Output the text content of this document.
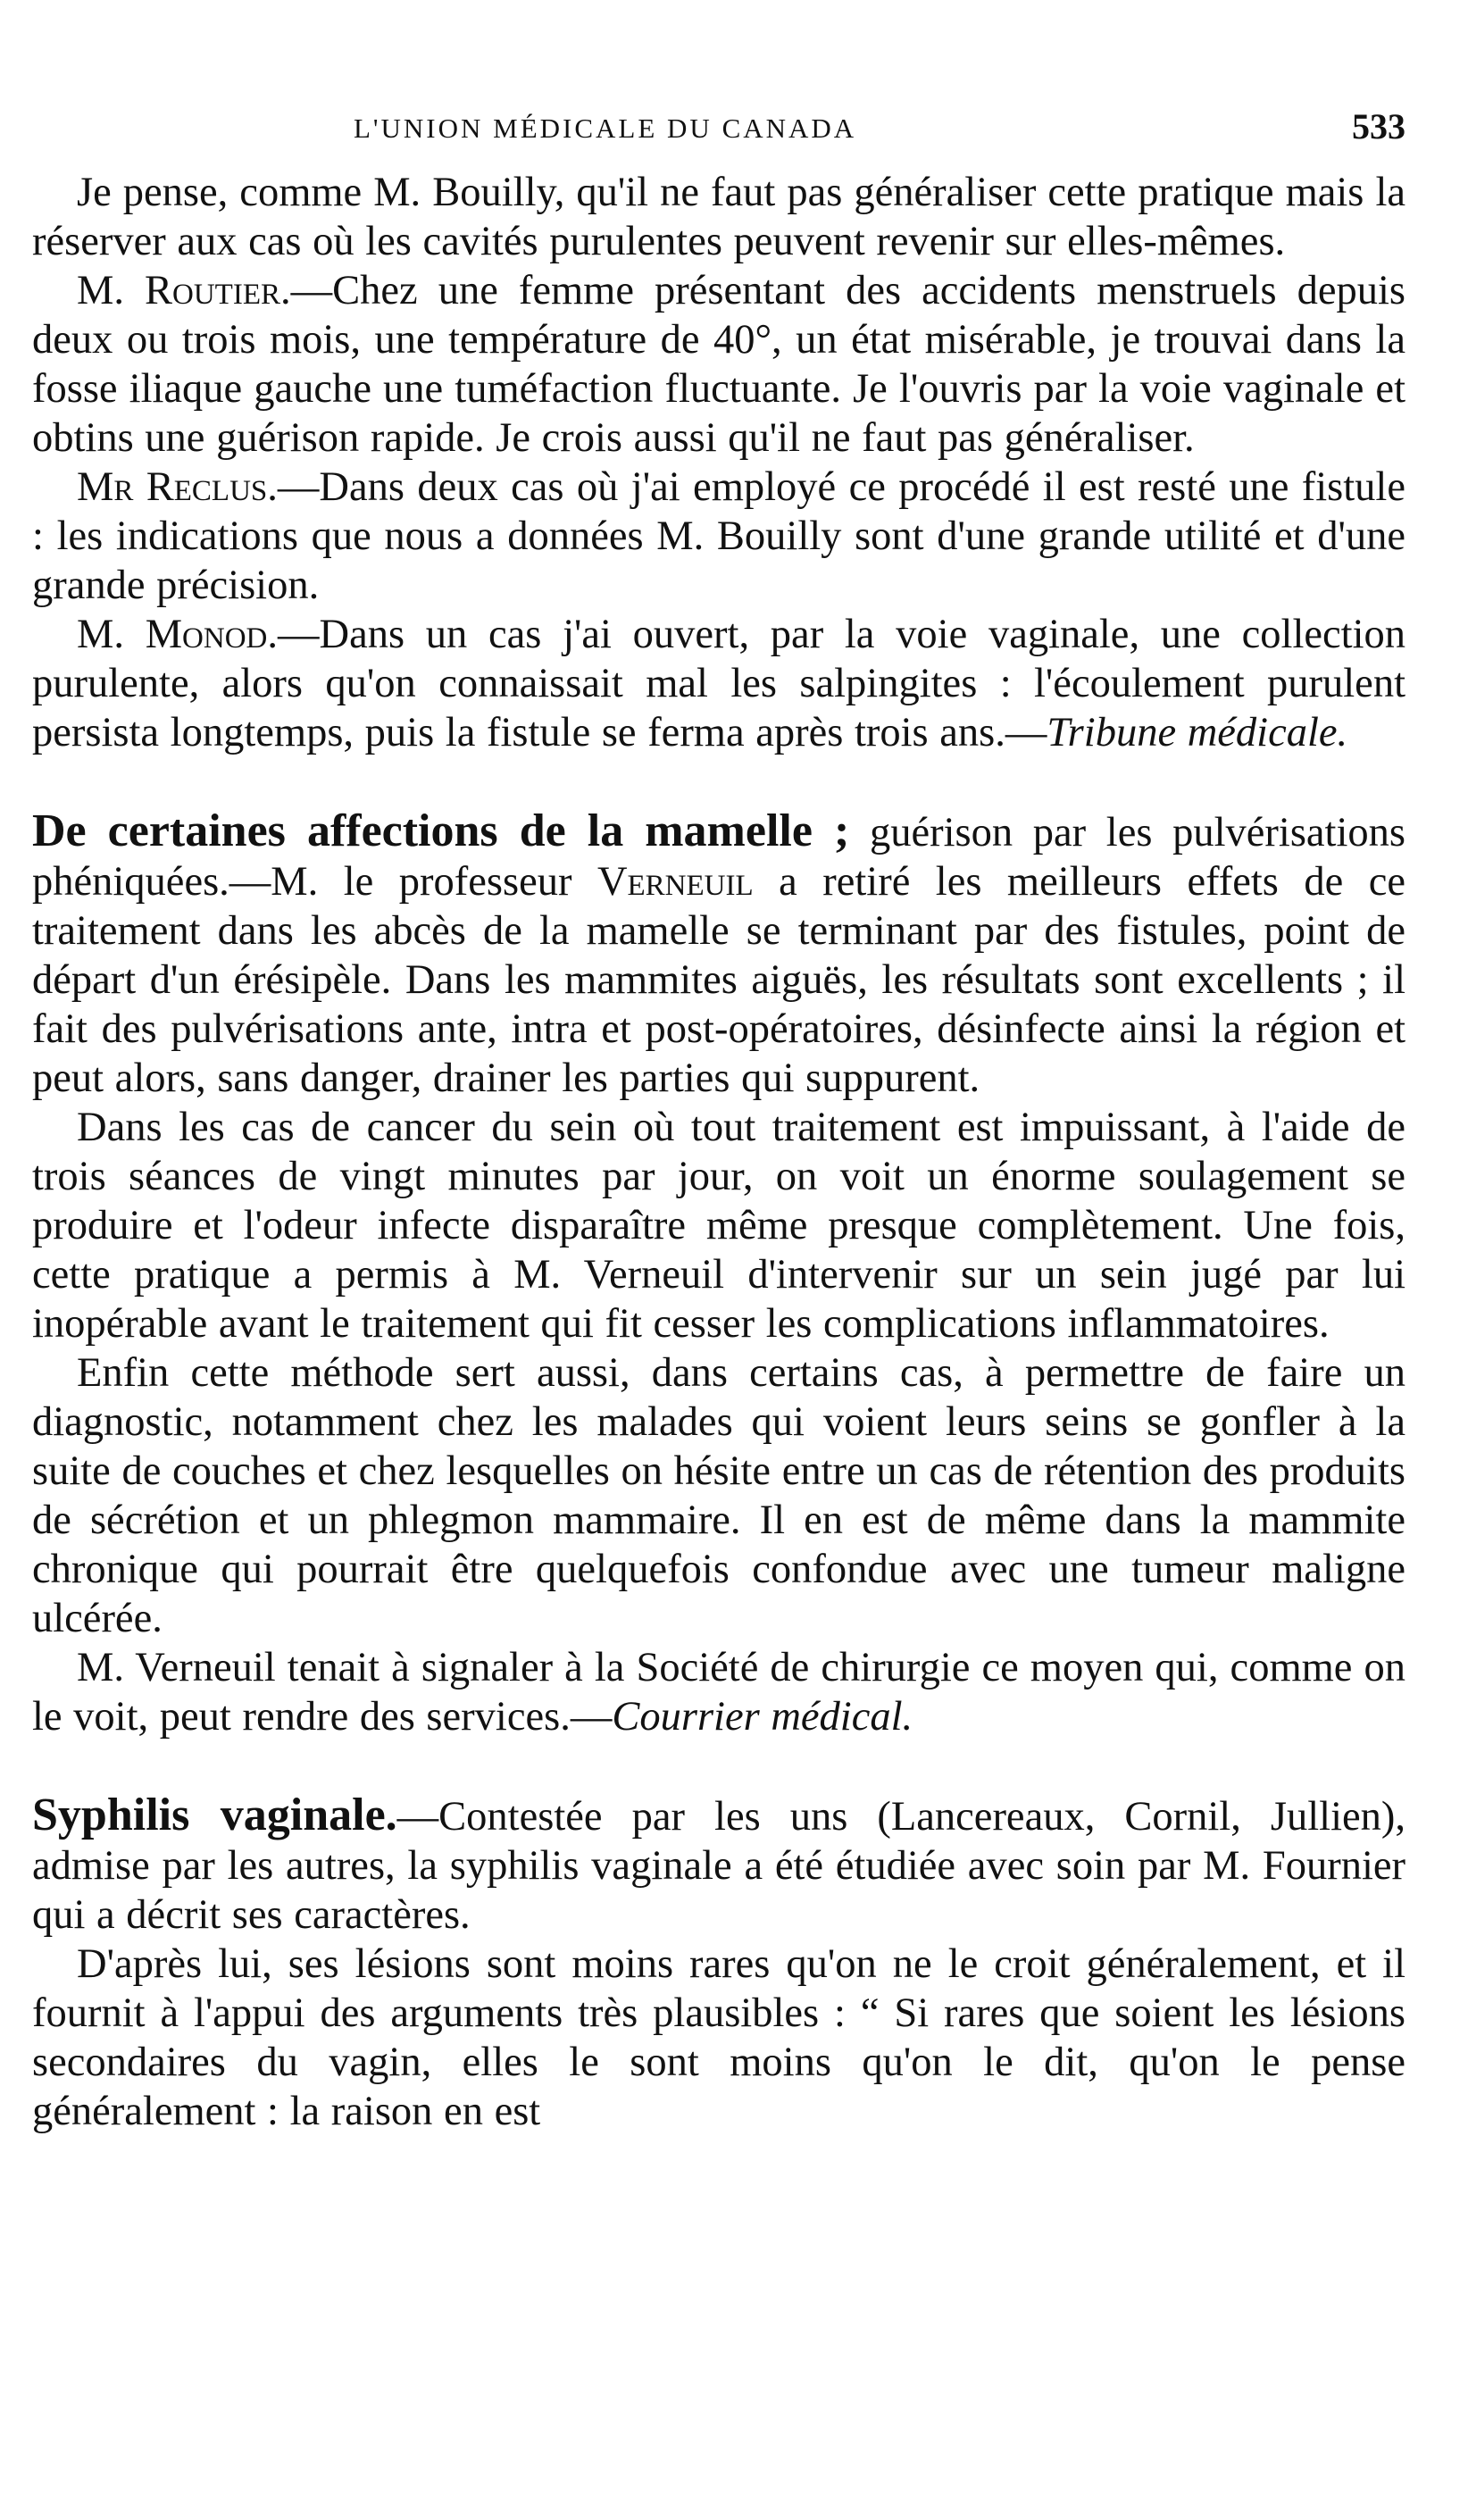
L'UNION MÉDICALE DU CANADA	533

Je pense, comme M. Bouilly, qu'il ne faut pas généraliser cette pratique mais la réserver aux cas où les cavités purulentes peuvent revenir sur elles-mêmes.

M. Routier.—Chez une femme présentant des accidents menstruels depuis deux ou trois mois, une température de 40°, un état misérable, je trouvai dans la fosse iliaque gauche une tuméfaction fluctuante. Je l'ouvris par la voie vaginale et obtins une guérison rapide. Je crois aussi qu'il ne faut pas généraliser.

Mr Reclus.—Dans deux cas où j'ai employé ce procédé il est resté une fistule : les indications que nous a données M. Bouilly sont d'une grande utilité et d'une grande précision.

M. Monod.—Dans un cas j'ai ouvert, par la voie vaginale, une collection purulente, alors qu'on connaissait mal les salpingites : l'écoulement purulent persista longtemps, puis la fistule se ferma après trois ans.—Tribune médicale.

De certaines affections de la mamelle ; guérison par les pulvérisations phéniquées.—M. le professeur Verneuil a retiré les meilleurs effets de ce traitement dans les abcès de la mamelle se terminant par des fistules, point de départ d'un érésipèle. Dans les mammites aiguës, les résultats sont excellents ; il fait des pulvérisations ante, intra et post-opératoires, désinfecte ainsi la région et peut alors, sans danger, drainer les parties qui suppurent.

Dans les cas de cancer du sein où tout traitement est impuissant, à l'aide de trois séances de vingt minutes par jour, on voit un énorme soulagement se produire et l'odeur infecte disparaître même presque complètement. Une fois, cette pratique a permis à M. Verneuil d'intervenir sur un sein jugé par lui inopérable avant le traitement qui fit cesser les complications inflammatoires.

Enfin cette méthode sert aussi, dans certains cas, à permettre de faire un diagnostic, notamment chez les malades qui voient leurs seins se gonfler à la suite de couches et chez lesquelles on hésite entre un cas de rétention des produits de sécrétion et un phlegmon mammaire. Il en est de même dans la mammite chronique qui pourrait être quelquefois confondue avec une tumeur maligne ulcérée.

M. Verneuil tenait à signaler à la Société de chirurgie ce moyen qui, comme on le voit, peut rendre des services.—Courrier médical.

Syphilis vaginale.—Contestée par les uns (Lancereaux, Cornil, Jullien), admise par les autres, la syphilis vaginale a été étudiée avec soin par M. Fournier qui a décrit ses caractères.

D'après lui, ses lésions sont moins rares qu'on ne le croit généralement, et il fournit à l'appui des arguments très plausibles : “ Si rares que soient les lésions secondaires du vagin, elles le sont moins qu'on le dit, qu'on le pense généralement : la raison en est
